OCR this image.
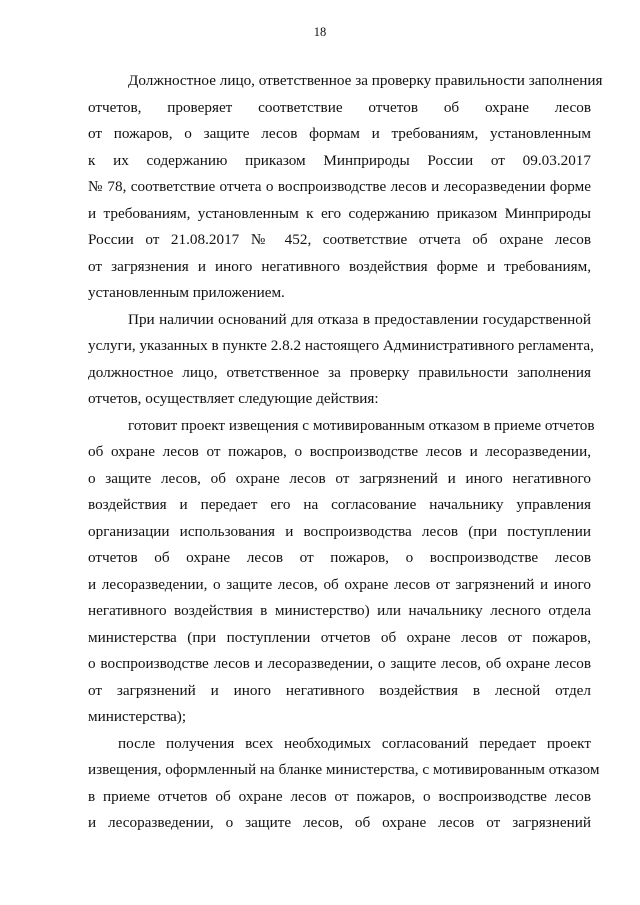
18
Должностное лицо, ответственное за проверку правильности заполнения
отчетов, проверяет соответствие отчетов об охране лесов
от пожаров, о защите лесов формам и требованиям, установленным
к их содержанию приказом Минприроды России от 09.03.2017
№ 78, соответствие отчета о воспроизводстве лесов и лесоразведении форме
и требованиям, установленным к его содержанию приказом Минприроды
России от 21.08.2017 № 452, соответствие отчета об охране лесов
от загрязнения и иного негативного воздействия форме и требованиям,
установленным приложением.
При наличии оснований для отказа в предоставлении государственной
услуги, указанных в пункте 2.8.2 настоящего Административного регламента,
должностное лицо, ответственное за проверку правильности заполнения
отчетов, осуществляет следующие действия:
готовит проект извещения с мотивированным отказом в приеме отчетов
об охране лесов от пожаров, о воспроизводстве лесов и лесоразведении,
о защите лесов, об охране лесов от загрязнений и иного негативного
воздействия и передает его на согласование начальнику управления
организации использования и воспроизводства лесов (при поступлении
отчетов об охране лесов от пожаров, о воспроизводстве лесов
и лесоразведении, о защите лесов, об охране лесов от загрязнений и иного
негативного воздействия в министерство) или начальнику лесного отдела
министерства (при поступлении отчетов об охране лесов от пожаров,
о воспроизводстве лесов и лесоразведении, о защите лесов, об охране лесов
от загрязнений и иного негативного воздействия в лесной отдел
министерства);
после получения всех необходимых согласований передает проект
извещения, оформленный на бланке министерства, с мотивированным отказом
в приеме отчетов об охране лесов от пожаров, о воспроизводстве лесов
и лесоразведении, о защите лесов, об охране лесов от загрязнений
